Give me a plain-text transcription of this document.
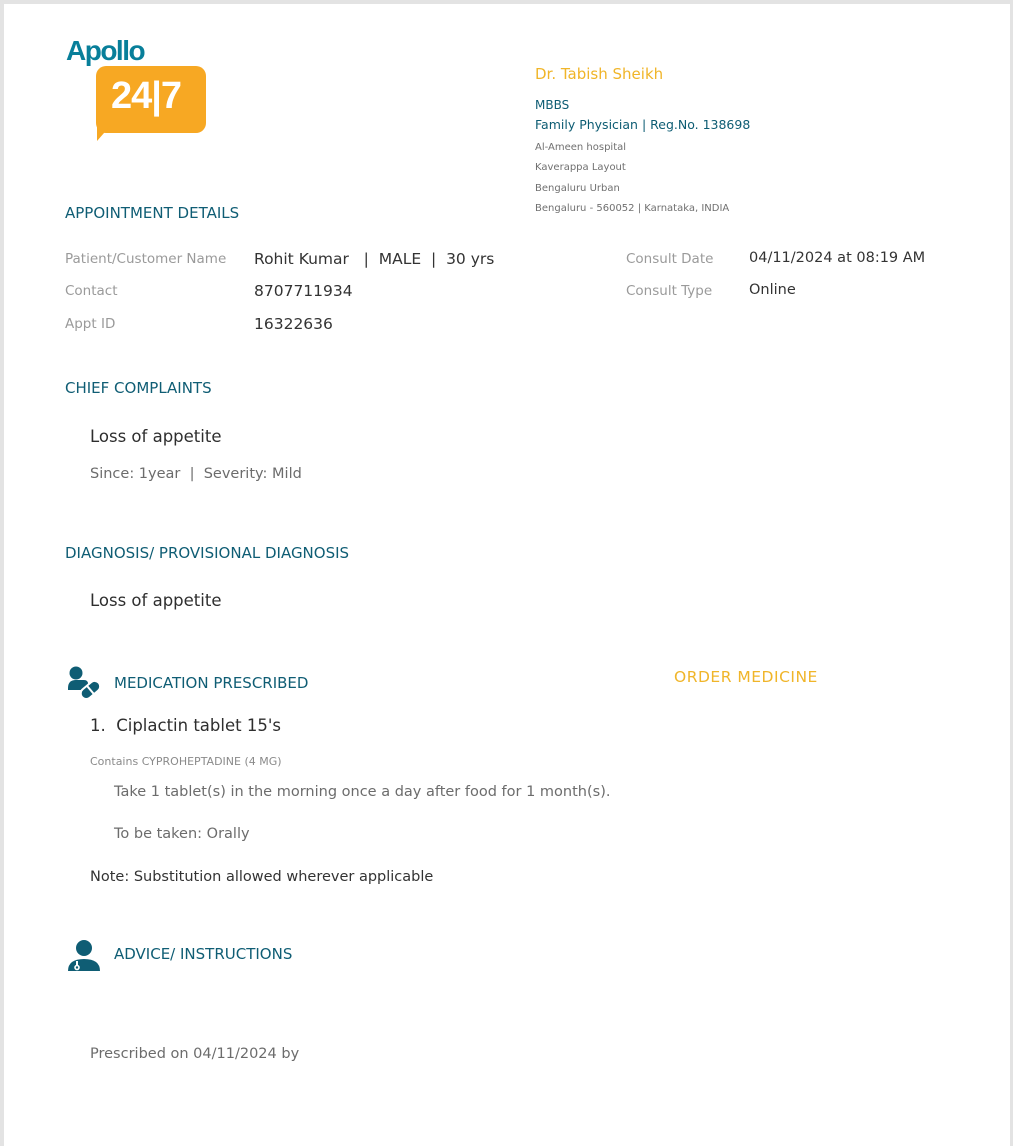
Apollo
24|7
Dr. Tabish Sheikh
MBBS
Family Physician | Reg.No. 138698
Al-Ameen hospital
Kaverappa Layout
Bengaluru Urban
Bengaluru - 560052 | Karnataka, INDIA
APPOINTMENT DETAILS
Patient/Customer Name Rohit Kumar   |  MALE  |  30 yrs
Contact	8707711934
Appt ID	16322636
Consult Date 04/11/2024 at 08:19 AM
Consult Type	Online
CHIEF COMPLAINTS
Loss of appetite
Since: 1year  |  Severity: Mild
DIAGNOSIS/ PROVISIONAL DIAGNOSIS
Loss of appetite
MEDICATION PRESCRIBED	ORDER MEDICINE
1.  Ciplactin tablet 15's
Contains CYPROHEPTADINE (4 MG)
Take 1 tablet(s) in the morning once a day after food for 1 month(s).
To be taken: Orally
Note: Substitution allowed wherever applicable
ADVICE/ INSTRUCTIONS
Prescribed on 04/11/2024 by
